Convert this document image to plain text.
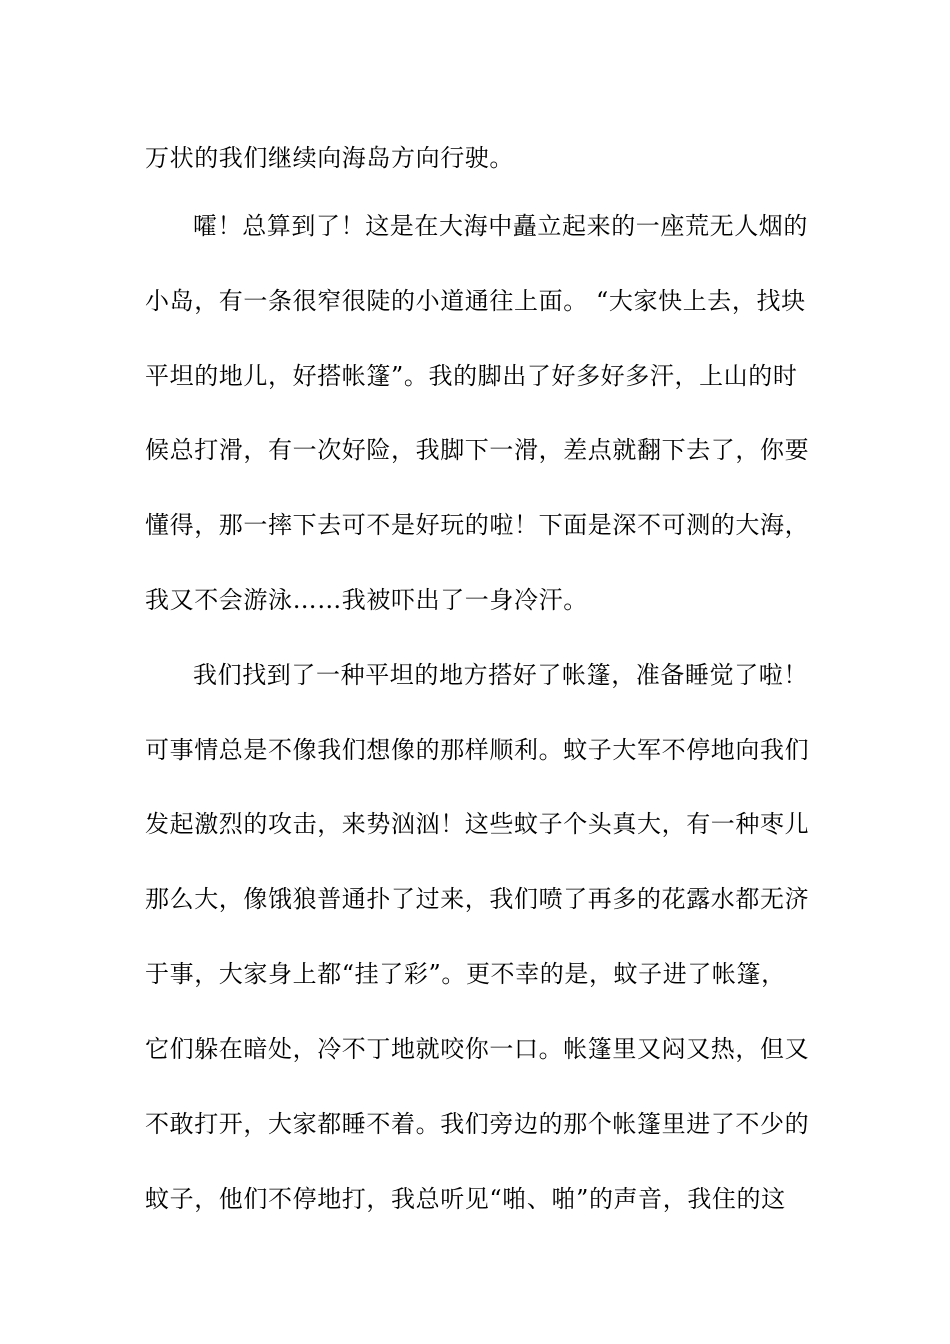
万状的我们继续向海岛方向行驶。
嚯！总算到了！这是在大海中矗立起来的一座荒无人烟的
小岛，有一条很窄很陡的小道通往上面。 “大家快上去，找块
平坦的地儿，好搭帐篷”。我的脚出了好多好多汗，上山的时
候总打滑，有一次好险，我脚下一滑，差点就翻下去了，你要
懂得，那一摔下去可不是好玩的啦！下面是深不可测的大海，
我又不会游泳……我被吓出了一身冷汗。
我们找到了一种平坦的地方搭好了帐篷，准备睡觉了啦！
可事情总是不像我们想像的那样顺利。蚊子大军不停地向我们
发起激烈的攻击，来势汹汹！这些蚊子个头真大，有一种枣儿
那么大，像饿狼普通扑了过来，我们喷了再多的花露水都无济
于事，大家身上都“挂了彩”。更不幸的是，蚊子进了帐篷，
它们躲在暗处，冷不丁地就咬你一口。帐篷里又闷又热，但又
不敢打开，大家都睡不着。我们旁边的那个帐篷里进了不少的
蚊子，他们不停地打，我总听见“啪、啪”的声音，我住的这
